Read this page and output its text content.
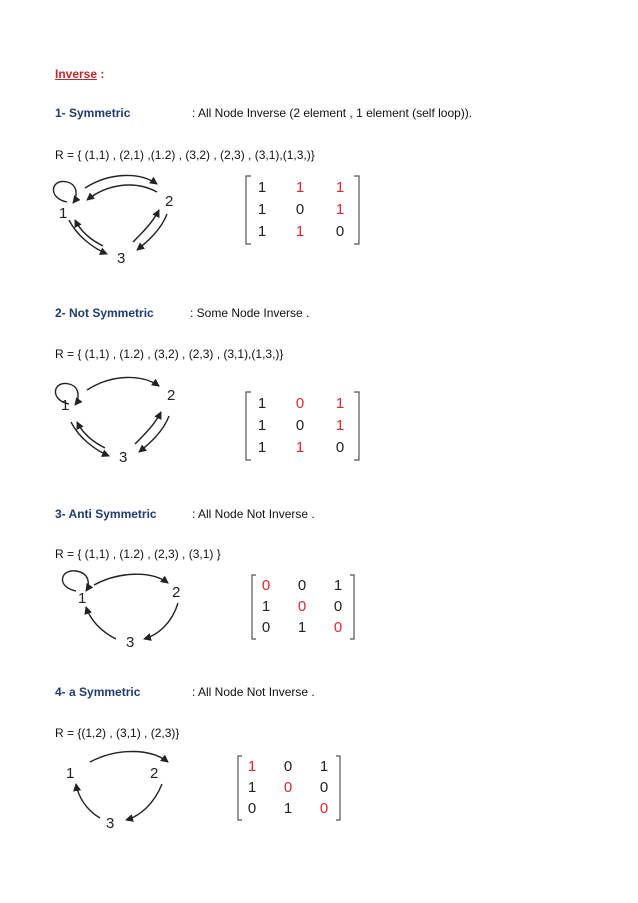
Inverse :
1- Symmetric	: All Node Inverse (2 element , 1 element (self loop)).
R = { (1,1) , (2,1) ,(1.2) , (3,2) , (2,3) , (3,1),(1,3,)}
1
2
3
1 1 1
1 0 1
1 1 0
2- Not Symmetric	: Some Node Inverse .
R = { (1,1) , (1.2) , (3,2) , (2,3) , (3,1),(1,3,)}
1
2
3
1 0 1
1 0 1
1 1 0
3- Anti Symmetric	: All Node Not Inverse .
R = { (1,1) , (1.2) , (2,3) , (3,1) }
1	2
3
0 0 1
1 0 0
0 1 0
4- a Symmetric	: All Node Not Inverse .
R = {(1,2) , (3,1) , (2,3)}
1	2
3
1 0 1
1 0 0
0 1 0
